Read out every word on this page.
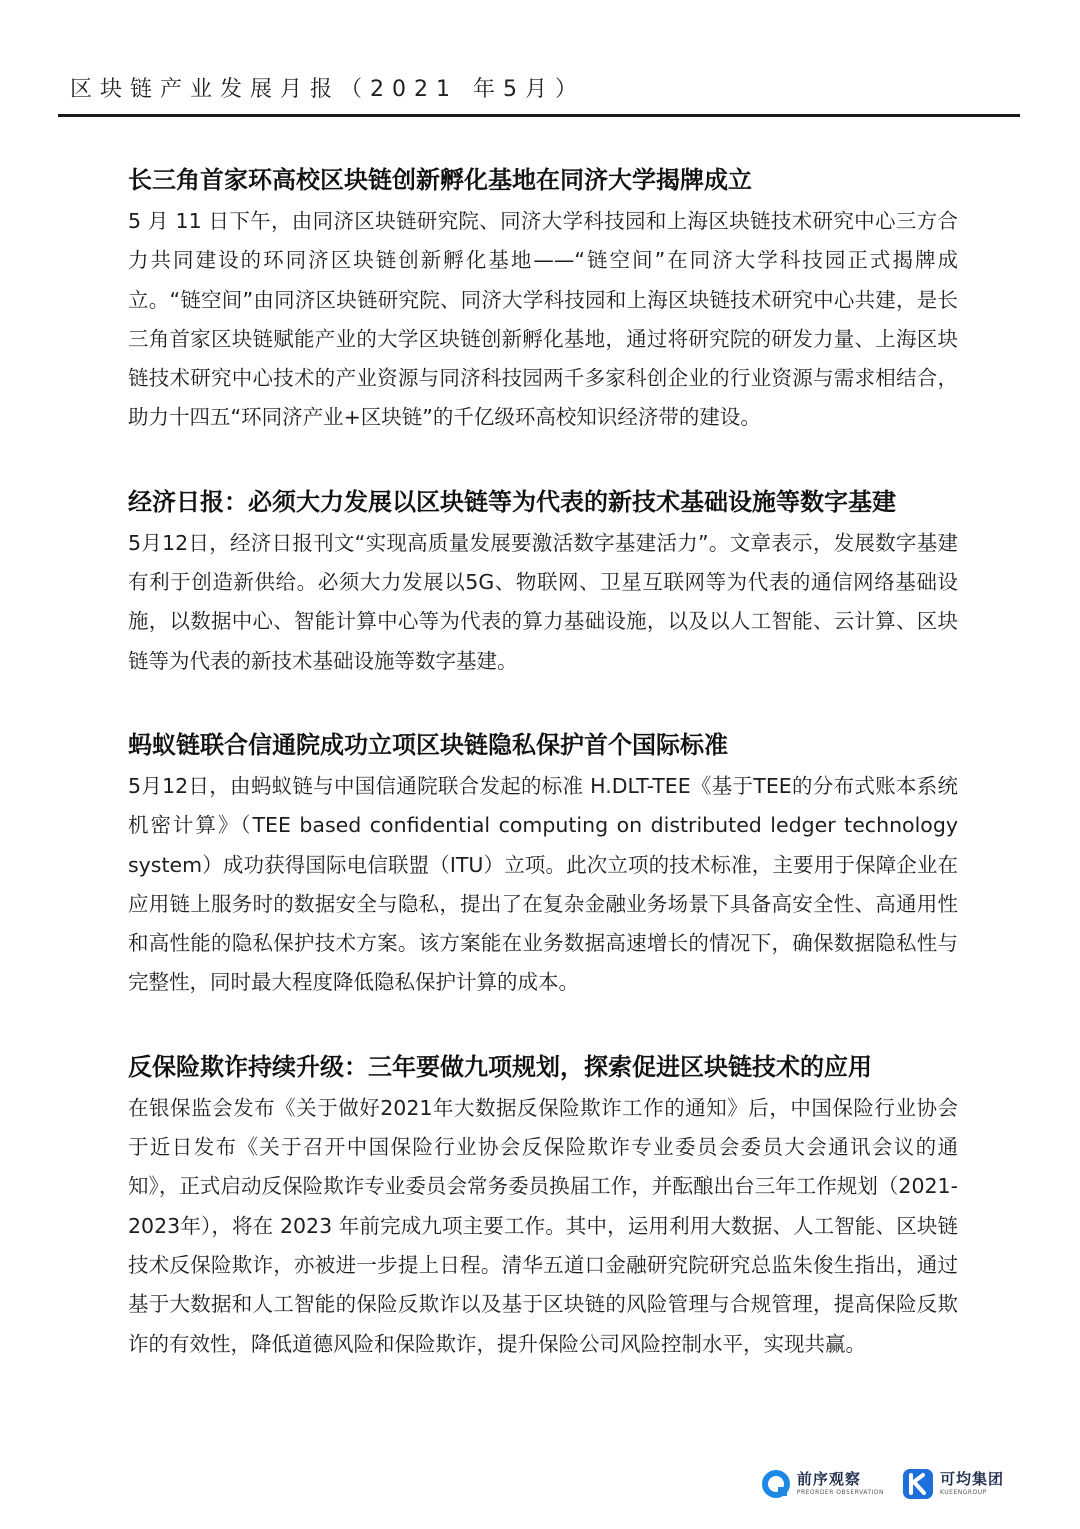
区块链产业发展月报（2021 年5月）
长三角首家环高校区块链创新孵化基地在同济大学揭牌成立

5 月 11 日下午，由同济区块链研究院、同济大学科技园和上海区块链技术研究中心三方合力共同建设的环同济区块链创新孵化基地——“链空间”在同济大学科技园正式揭牌成立。“链空间”由同济区块链研究院、同济大学科技园和上海区块链技术研究中心共建，是长三角首家区块链赋能产业的大学区块链创新孵化基地，通过将研究院的研发力量、上海区块链技术研究中心技术的产业资源与同济科技园两千多家科创企业的行业资源与需求相结合，助力十四五“环同济产业+区块链”的千亿级环高校知识经济带的建设。

经济日报：必须大力发展以区块链等为代表的新技术基础设施等数字基建

5月12日，经济日报刊文“实现高质量发展要激活数字基建活力”。文章表示，发展数字基建有利于创造新供给。必须大力发展以5G、物联网、卫星互联网等为代表的通信网络基础设施，以数据中心、智能计算中心等为代表的算力基础设施，以及以人工智能、云计算、区块链等为代表的新技术基础设施等数字基建。

蚂蚁链联合信通院成功立项区块链隐私保护首个国际标准

5月12日，由蚂蚁链与中国信通院联合发起的标准 H.DLT-TEE《基于TEE的分布式账本系统机密计算》（TEE based confidential computing on distributed ledger technology system）成功获得国际电信联盟（ITU）立项。此次立项的技术标准，主要用于保障企业在应用链上服务时的数据安全与隐私，提出了在复杂金融业务场景下具备高安全性、高通用性和高性能的隐私保护技术方案。该方案能在业务数据高速增长的情况下，确保数据隐私性与完整性，同时最大程度降低隐私保护计算的成本。

反保险欺诈持续升级：三年要做九项规划，探索促进区块链技术的应用

在银保监会发布《关于做好2021年大数据反保险欺诈工作的通知》后，中国保险行业协会于近日发布《关于召开中国保险行业协会反保险欺诈专业委员会委员大会通讯会议的通知》，正式启动反保险欺诈专业委员会常务委员换届工作，并酝酿出台三年工作规划（2021-2023年），将在 2023 年前完成九项主要工作。其中，运用利用大数据、人工智能、区块链技术反保险欺诈，亦被进一步提上日程。清华五道口金融研究院研究总监朱俊生指出，通过基于大数据和人工智能的保险反欺诈以及基于区块链的风险管理与合规管理，提高保险反欺诈的有效性，降低道德风险和保险欺诈，提升保险公司风险控制水平，实现共赢。

前序观察
PREORDER OBSERVATION
可均集团
KUEENGROUP
